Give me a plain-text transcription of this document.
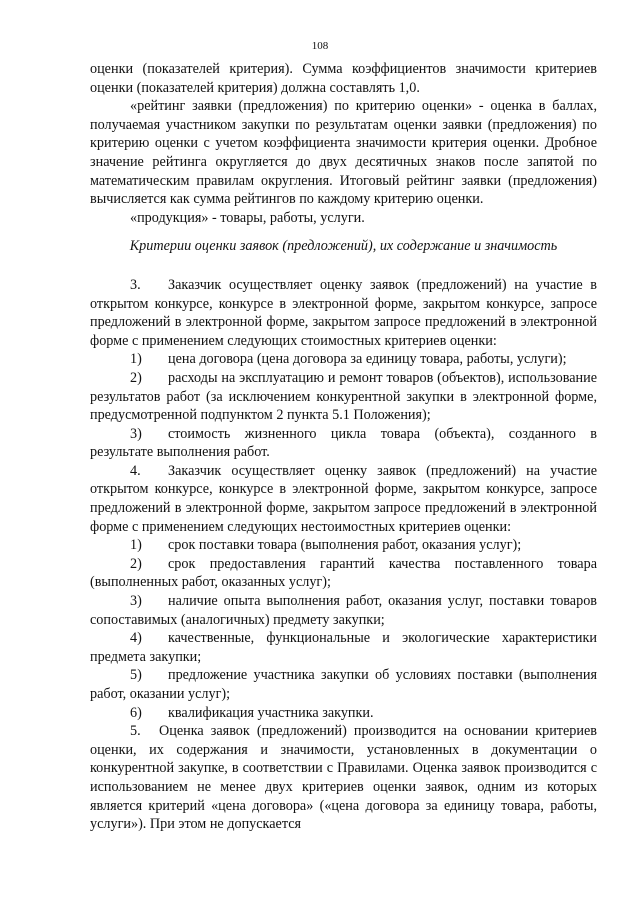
108

оценки (показателей критерия). Сумма коэффициентов значимости критериев оценки (показателей критерия) должна составлять 1,0.

«рейтинг заявки (предложения) по критерию оценки» - оценка в баллах, получаемая участником закупки по результатам оценки заявки (предложения) по критерию оценки с учетом коэффициента значимости критерия оценки. Дробное значение рейтинга округляется до двух десятичных знаков после запятой по математическим правилам округления. Итоговый рейтинг заявки (предложения) вычисляется как сумма рейтингов по каждому критерию оценки.

«продукция» - товары, работы, услуги.

Критерии оценки заявок (предложений), их содержание и значимость

3. Заказчик осуществляет оценку заявок (предложений) на участие в открытом конкурсе, конкурсе в электронной форме, закрытом конкурсе, запросе предложений в электронной форме, закрытом запросе предложений в электронной форме с применением следующих стоимостных критериев оценки:

1) цена договора (цена договора за единицу товара, работы, услуги);

2) расходы на эксплуатацию и ремонт товаров (объектов), использование результатов работ (за исключением конкурентной закупки в электронной форме, предусмотренной подпунктом 2 пункта 5.1 Положения);

3) стоимость жизненного цикла товара (объекта), созданного в результате выполнения работ.

4. Заказчик осуществляет оценку заявок (предложений) на участие открытом конкурсе, конкурсе в электронной форме, закрытом конкурсе, запросе предложений в электронной форме, закрытом запросе предложений в электронной форме с применением следующих нестоимостных критериев оценки:

1) срок поставки товара (выполнения работ, оказания услуг);

2) срок предоставления гарантий качества поставленного товара (выполненных работ, оказанных услуг);

3) наличие опыта выполнения работ, оказания услуг, поставки товаров сопоставимых (аналогичных) предмету закупки;

4) качественные, функциональные и экологические характеристики предмета закупки;

5) предложение участника закупки об условиях поставки (выполнения работ, оказании услуг);

6) квалификация участника закупки.

5. Оценка заявок (предложений) производится на основании критериев оценки, их содержания и значимости, установленных в документации о конкурентной закупке, в соответствии с Правилами. Оценка заявок производится с использованием не менее двух критериев оценки заявок, одним из которых является критерий «цена договора» («цена договора за единицу товара, работы, услуги»). При этом не допускается
